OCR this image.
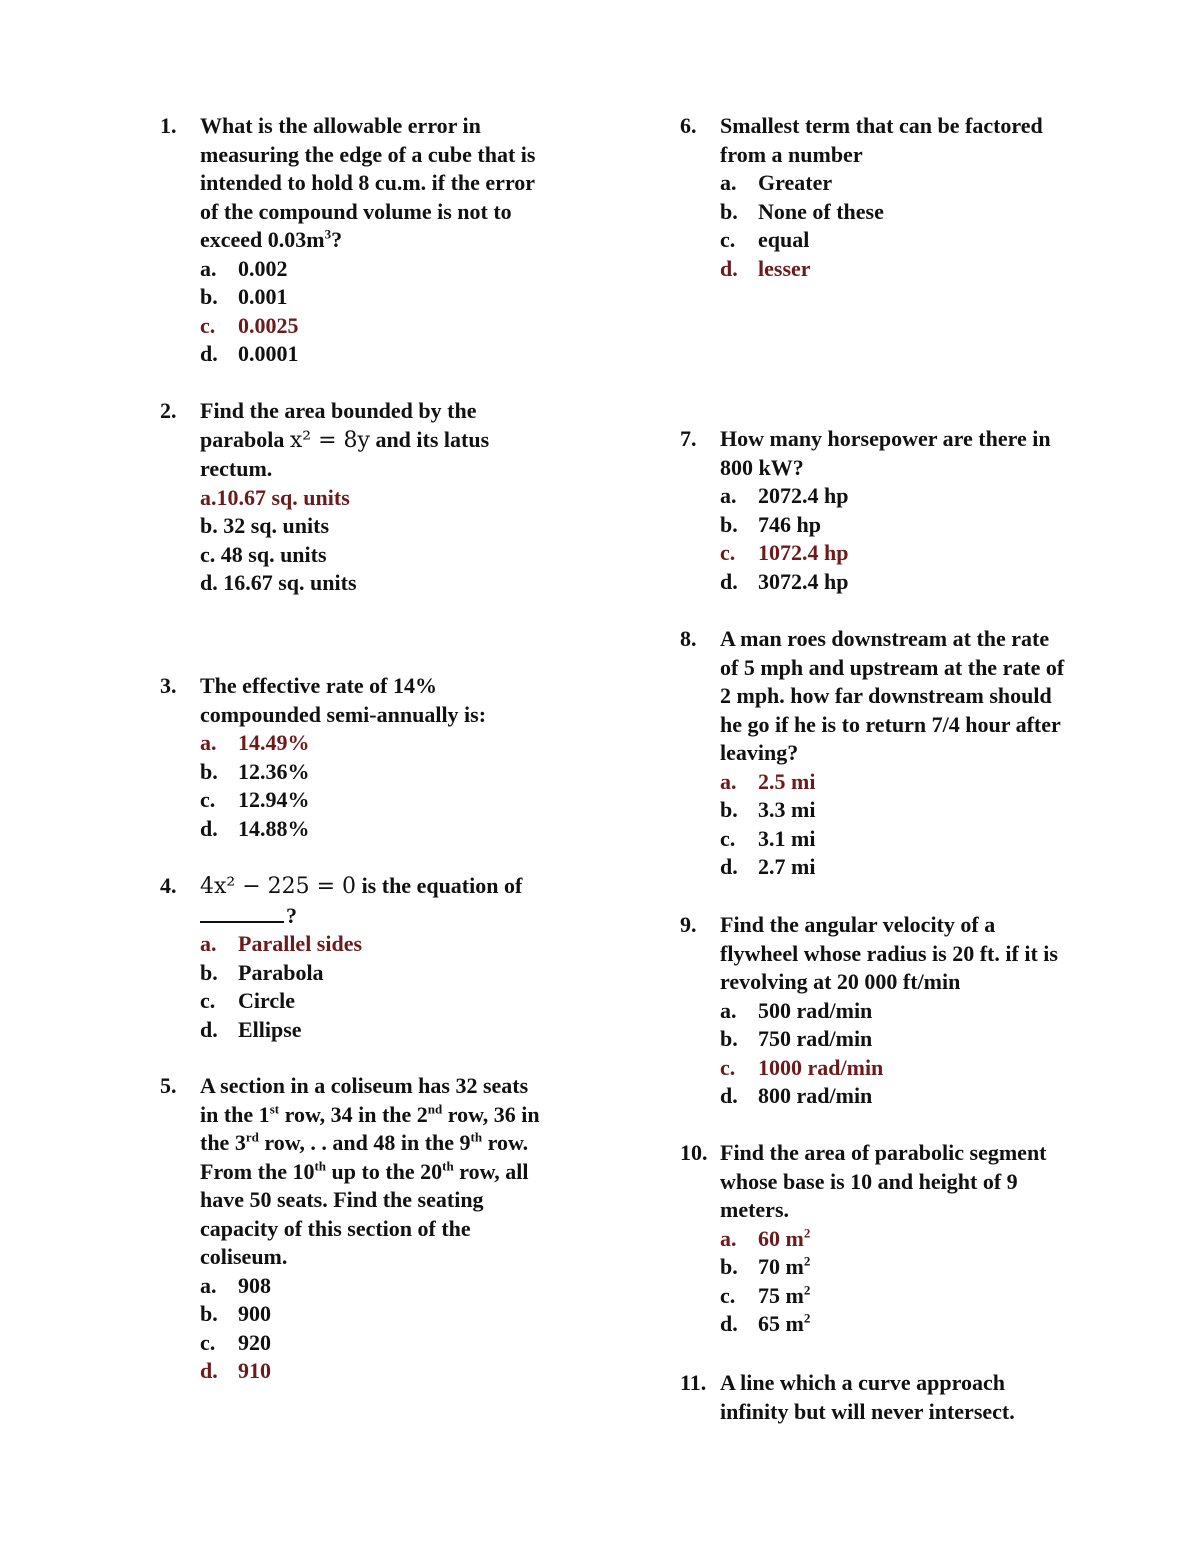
1. What is the allowable error in
measuring the edge of a cube that is
intended to hold 8 cu.m. if the error
of the compound volume is not to
exceed $0.03m^3$?
a. 0.002
b. 0.001
c. 0.0025
d. 0.0001
2. Find the area bounded by the
parabola x² = 8y and its latus
rectum.
a.10.67 sq. units
b. 32 sq. units
c. 48 sq. units
d. 16.67 sq. units
3. The effective rate of 14%
compounded semi-annually is:
a. 14.49%
b. 12.36%
c. 12.94%
d. 14.88%
4. 4x² − 225 = 0 is the equation of
?
a. Parallel sides
b. Parabola
c. Circle
d. Ellipse
5. A section in a coliseum has 32 seats
in the 1st row, 34 in the 2nd row, 36 in
the 3rd row, . . and 48 in the 9th row.
From the 10th up to the 20th row, all
have 50 seats. Find the seating
capacity of this section of the
coliseum.
a. 908
b. 900
c. 920
d. 910
6. Smallest term that can be factored
from a number
a. Greater
b. None of these
c. equal
d. lesser
7. How many horsepower are there in
800 kW?
a. 2072.4 hp
b. 746 hp
c. 1072.4 hp
d. 3072.4 hp
8. A man roes downstream at the rate
of 5 mph and upstream at the rate of
2 mph. how far downstream should
he go if he is to return 7/4 hour after
leaving?
a. 2.5 mi
b. 3.3 mi
c. 3.1 mi
d. 2.7 mi
9. Find the angular velocity of a
flywheel whose radius is 20 ft. if it is
revolving at 20 000 ft/min
a. 500 rad/min
b. 750 rad/min
c. 1000 rad/min
d. 800 rad/min
10. Find the area of parabolic segment
whose base is 10 and height of 9
meters.
a. 60 $m^2$
b. 70 $m^2$
c. 75 $m^2$
d. 65 $m^2$
11. A line which a curve approach
infinity but will never intersect.
